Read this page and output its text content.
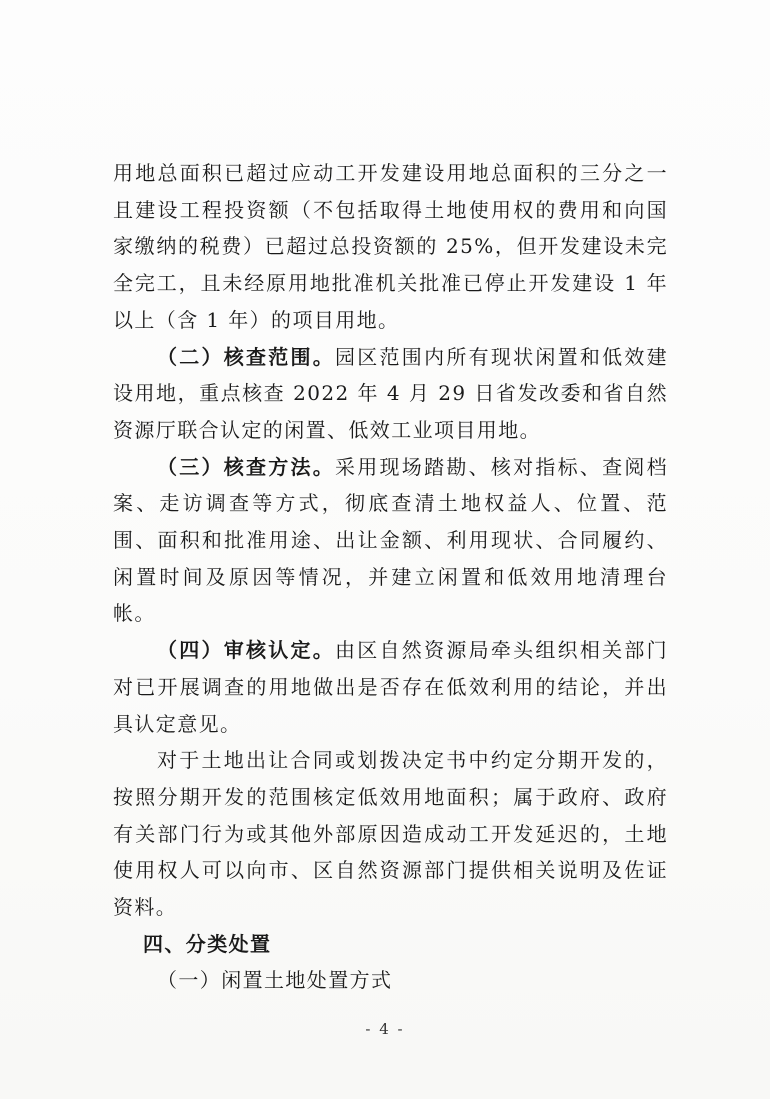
用地总面积已超过应动工开发建设用地总面积的三分之一且建设工程投资额（不包括取得土地使用权的费用和向国家缴纳的税费）已超过总投资额的 25%，但开发建设未完全完工，且未经原用地批准机关批准已停止开发建设 1 年以上（含 1 年）的项目用地。

（二）核查范围。园区范围内所有现状闲置和低效建设用地，重点核查 2022 年 4 月 29 日省发改委和省自然资源厅联合认定的闲置、低效工业项目用地。

（三）核查方法。采用现场踏勘、核对指标、查阅档案、走访调查等方式，彻底查清土地权益人、位置、范围、面积和批准用途、出让金额、利用现状、合同履约、闲置时间及原因等情况，并建立闲置和低效用地清理台帐。

（四）审核认定。由区自然资源局牵头组织相关部门对已开展调查的用地做出是否存在低效利用的结论，并出具认定意见。

对于土地出让合同或划拨决定书中约定分期开发的，按照分期开发的范围核定低效用地面积；属于政府、政府有关部门行为或其他外部原因造成动工开发延迟的，土地使用权人可以向市、区自然资源部门提供相关说明及佐证资料。

四、分类处置
（一）闲置土地处置方式
- 4 -
